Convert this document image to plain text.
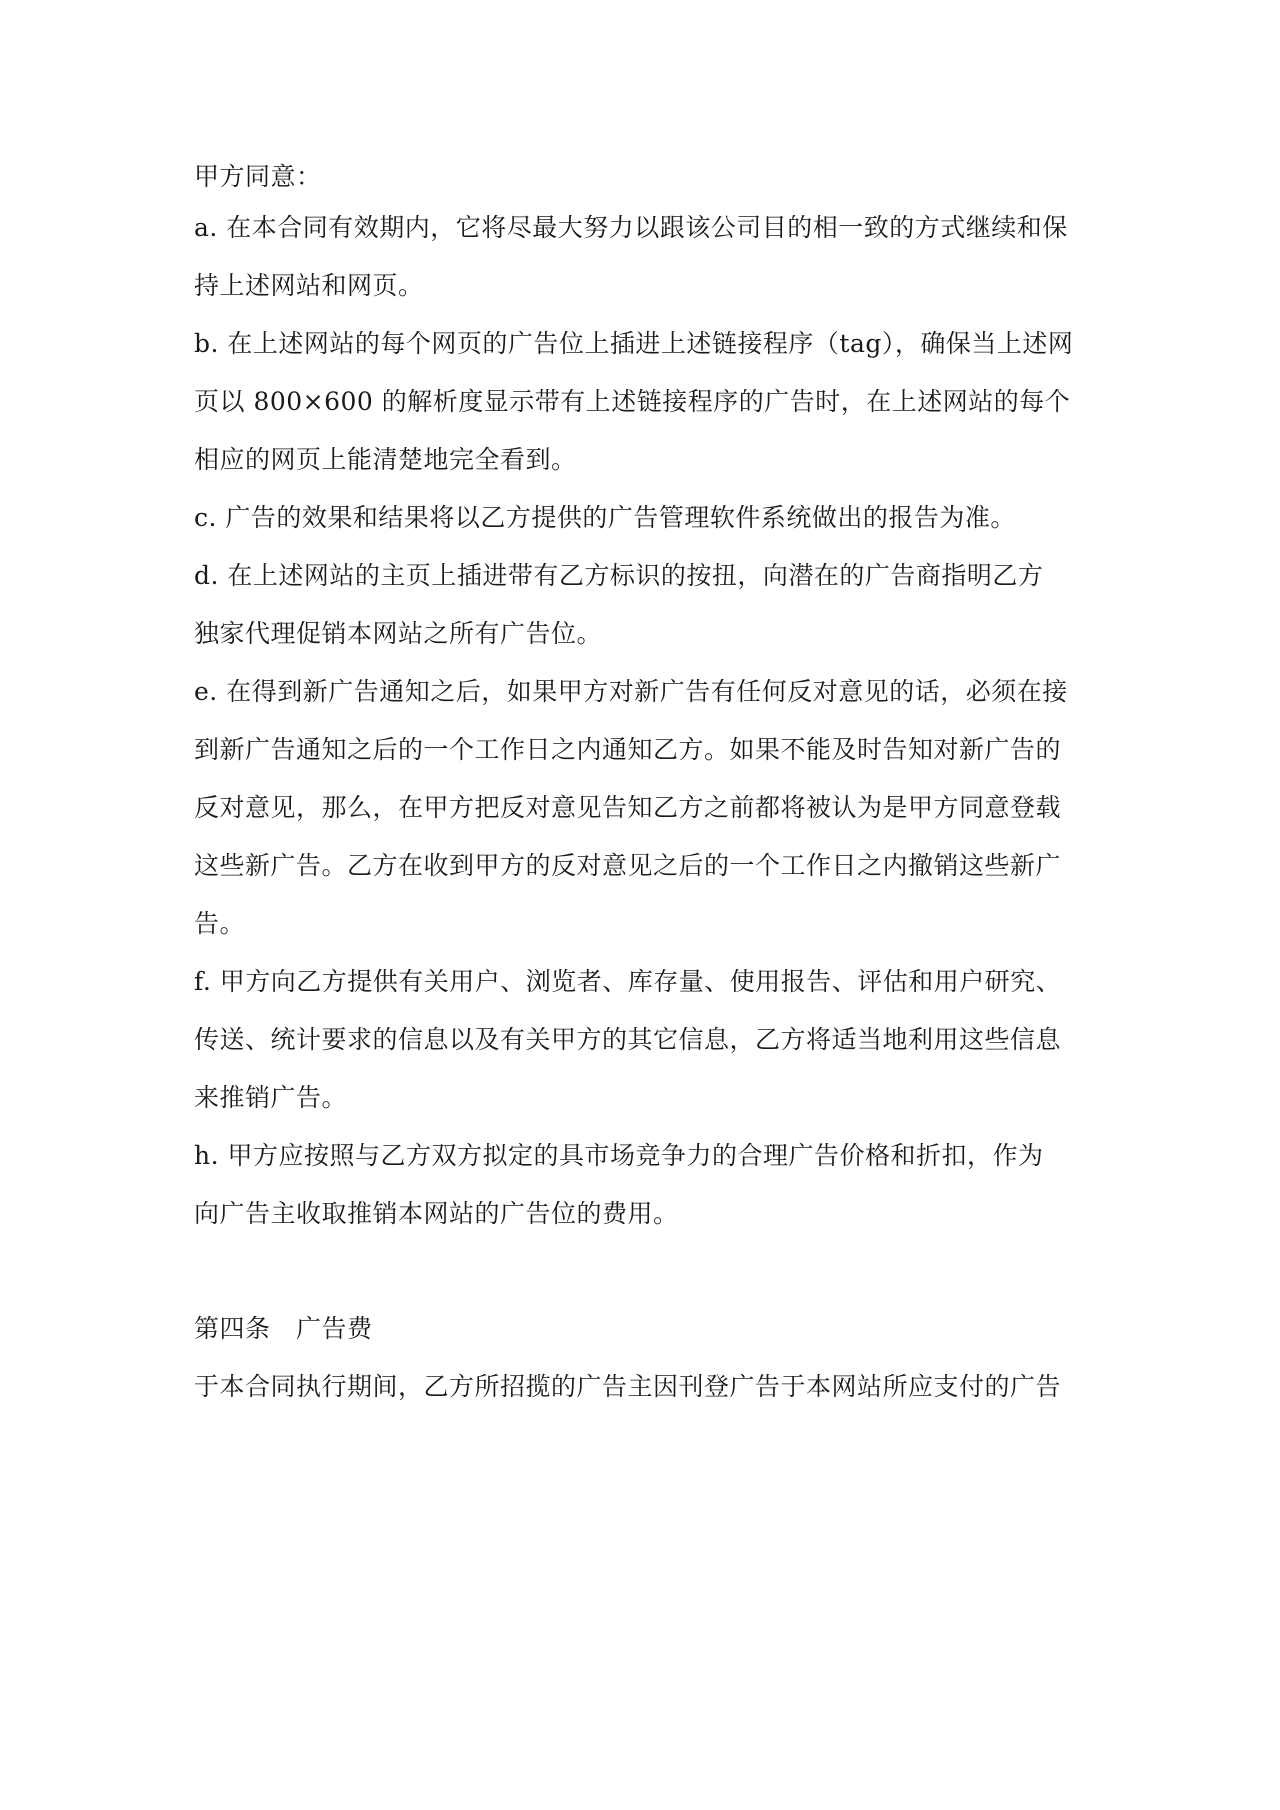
甲方同意：
a. 在本合同有效期内，它将尽最大努力以跟该公司目的相一致的方式继续和保
持上述网站和网页。
b. 在上述网站的每个网页的广告位上插进上述链接程序（tag），确保当上述网
页以 800×600 的解析度显示带有上述链接程序的广告时，在上述网站的每个
相应的网页上能清楚地完全看到。
c. 广告的效果和结果将以乙方提供的广告管理软件系统做出的报告为准。
d. 在上述网站的主页上插进带有乙方标识的按扭，向潜在的广告商指明乙方
独家代理促销本网站之所有广告位。
e. 在得到新广告通知之后，如果甲方对新广告有任何反对意见的话，必须在接
到新广告通知之后的一个工作日之内通知乙方。如果不能及时告知对新广告的
反对意见，那么，在甲方把反对意见告知乙方之前都将被认为是甲方同意登载
这些新广告。乙方在收到甲方的反对意见之后的一个工作日之内撤销这些新广
告。
f. 甲方向乙方提供有关用户、浏览者、库存量、使用报告、评估和用户研究、
传送、统计要求的信息以及有关甲方的其它信息，乙方将适当地利用这些信息
来推销广告。
h. 甲方应按照与乙方双方拟定的具市场竞争力的合理广告价格和折扣，作为
向广告主收取推销本网站的广告位的费用。
第四条　广告费
于本合同执行期间，乙方所招揽的广告主因刊登广告于本网站所应支付的广告
